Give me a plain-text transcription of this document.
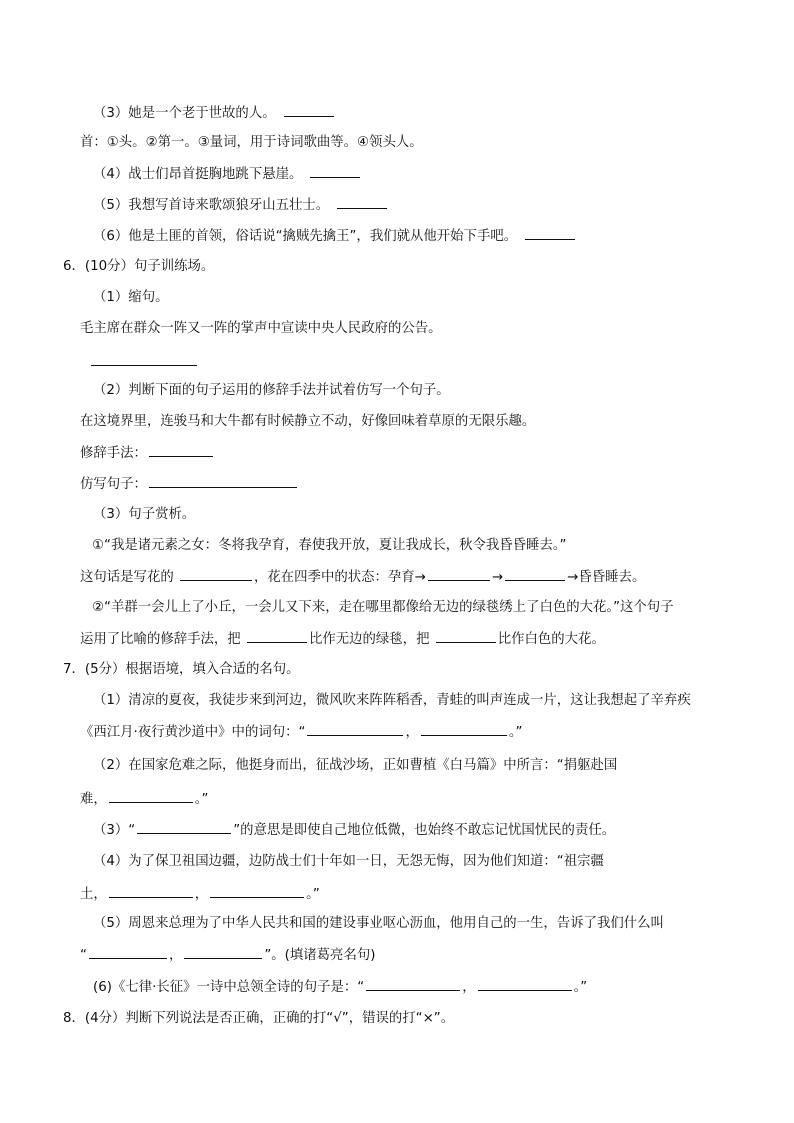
（3）她是一个老于世故的人。
首：①头。②第一。③量词，用于诗词歌曲等。④领头人。
（4）战士们昂首挺胸地跳下悬崖。
（5）我想写首诗来歌颂狼牙山五壮士。
（6）他是土匪的首领，俗话说“擒贼先擒王”，我们就从他开始下手吧。
6．(10分）句子训练场。
（1）缩句。
毛主席在群众一阵又一阵的掌声中宣读中央人民政府的公告。
（2）判断下面的句子运用的修辞手法并试着仿写一个句子。
在这境界里，连骏马和大牛都有时候静立不动，好像回味着草原的无限乐趣。
修辞手法：
仿写句子：
（3）句子赏析。
①“我是诸元素之女：冬将我孕育，春使我开放，夏让我成长，秋令我昏昏睡去。”
这句话是写花的	，花在四季中的状态：孕育→	→	→昏昏睡去。
②“羊群一会儿上了小丘，一会儿又下来，走在哪里都像给无边的绿毯绣上了白色的大花。”这个句子
运用了比喻的修辞手法，把	比作无边的绿毯，把	比作白色的大花。
7．(5分）根据语境，填入合适的名句。
（1）清凉的夏夜，我徒步来到河边，微风吹来阵阵稻香，青蛙的叫声连成一片，这让我想起了辛弃疾
《西江月·夜行黄沙道中》中的词句：“	，	。”
（2）在国家危难之际，他挺身而出，征战沙场，正如曹植《白马篇》中所言：“捐躯赴国
难，	。”
（3）“	”的意思是即使自己地位低微，也始终不敢忘记忧国忧民的责任。
（4）为了保卫祖国边疆，边防战士们十年如一日，无怨无悔，因为他们知道：“祖宗疆
土，	，	。”
（5）周恩来总理为了中华人民共和国的建设事业呕心沥血，他用自己的一生，告诉了我们什么叫
“	，	”。(填诸葛亮名句)
(6)《七律·长征》一诗中总领全诗的句子是：“	，	。”
8．(4分）判断下列说法是否正确，正确的打“√”，错误的打“×”。
